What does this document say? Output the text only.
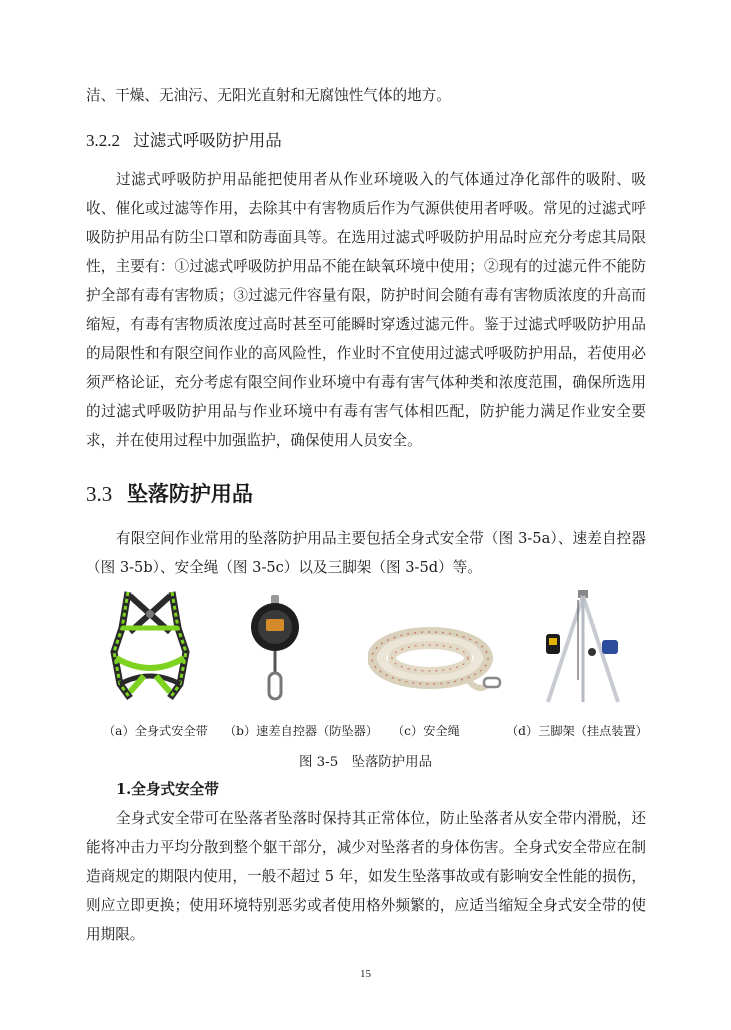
洁、干燥、无油污、无阳光直射和无腐蚀性气体的地方。
3.2.2 过滤式呼吸防护用品
过滤式呼吸防护用品能把使用者从作业环境吸入的气体通过净化部件的吸附、吸
收、催化或过滤等作用，去除其中有害物质后作为气源供使用者呼吸。常见的过滤式呼
吸防护用品有防尘口罩和防毒面具等。在选用过滤式呼吸防护用品时应充分考虑其局限
性，主要有：①过滤式呼吸防护用品不能在缺氧环境中使用；②现有的过滤元件不能防
护全部有毒有害物质；③过滤元件容量有限，防护时间会随有毒有害物质浓度的升高而
缩短，有毒有害物质浓度过高时甚至可能瞬时穿透过滤元件。鉴于过滤式呼吸防护用品
的局限性和有限空间作业的高风险性，作业时不宜使用过滤式呼吸防护用品，若使用必
须严格论证，充分考虑有限空间作业环境中有毒有害气体种类和浓度范围，确保所选用
的过滤式呼吸防护用品与作业环境中有毒有害气体相匹配，防护能力满足作业安全要
求，并在使用过程中加强监护，确保使用人员安全。
3.3 坠落防护用品
有限空间作业常用的坠落防护用品主要包括全身式安全带（图 3-5a）、速差自控器
（图 3-5b）、安全绳（图 3-5c）以及三脚架（图 3-5d）等。
（a）全身式安全带 （b）速差自控器（防坠器） （c）安全绳	（d）三脚架（挂点装置）
图 3-5　坠落防护用品
1.全身式安全带
全身式安全带可在坠落者坠落时保持其正常体位，防止坠落者从安全带内滑脱，还
能将冲击力平均分散到整个躯干部分，减少对坠落者的身体伤害。全身式安全带应在制
造商规定的期限内使用，一般不超过 5 年，如发生坠落事故或有影响安全性能的损伤，
则应立即更换；使用环境特别恶劣或者使用格外频繁的，应适当缩短全身式安全带的使
用期限。
15
